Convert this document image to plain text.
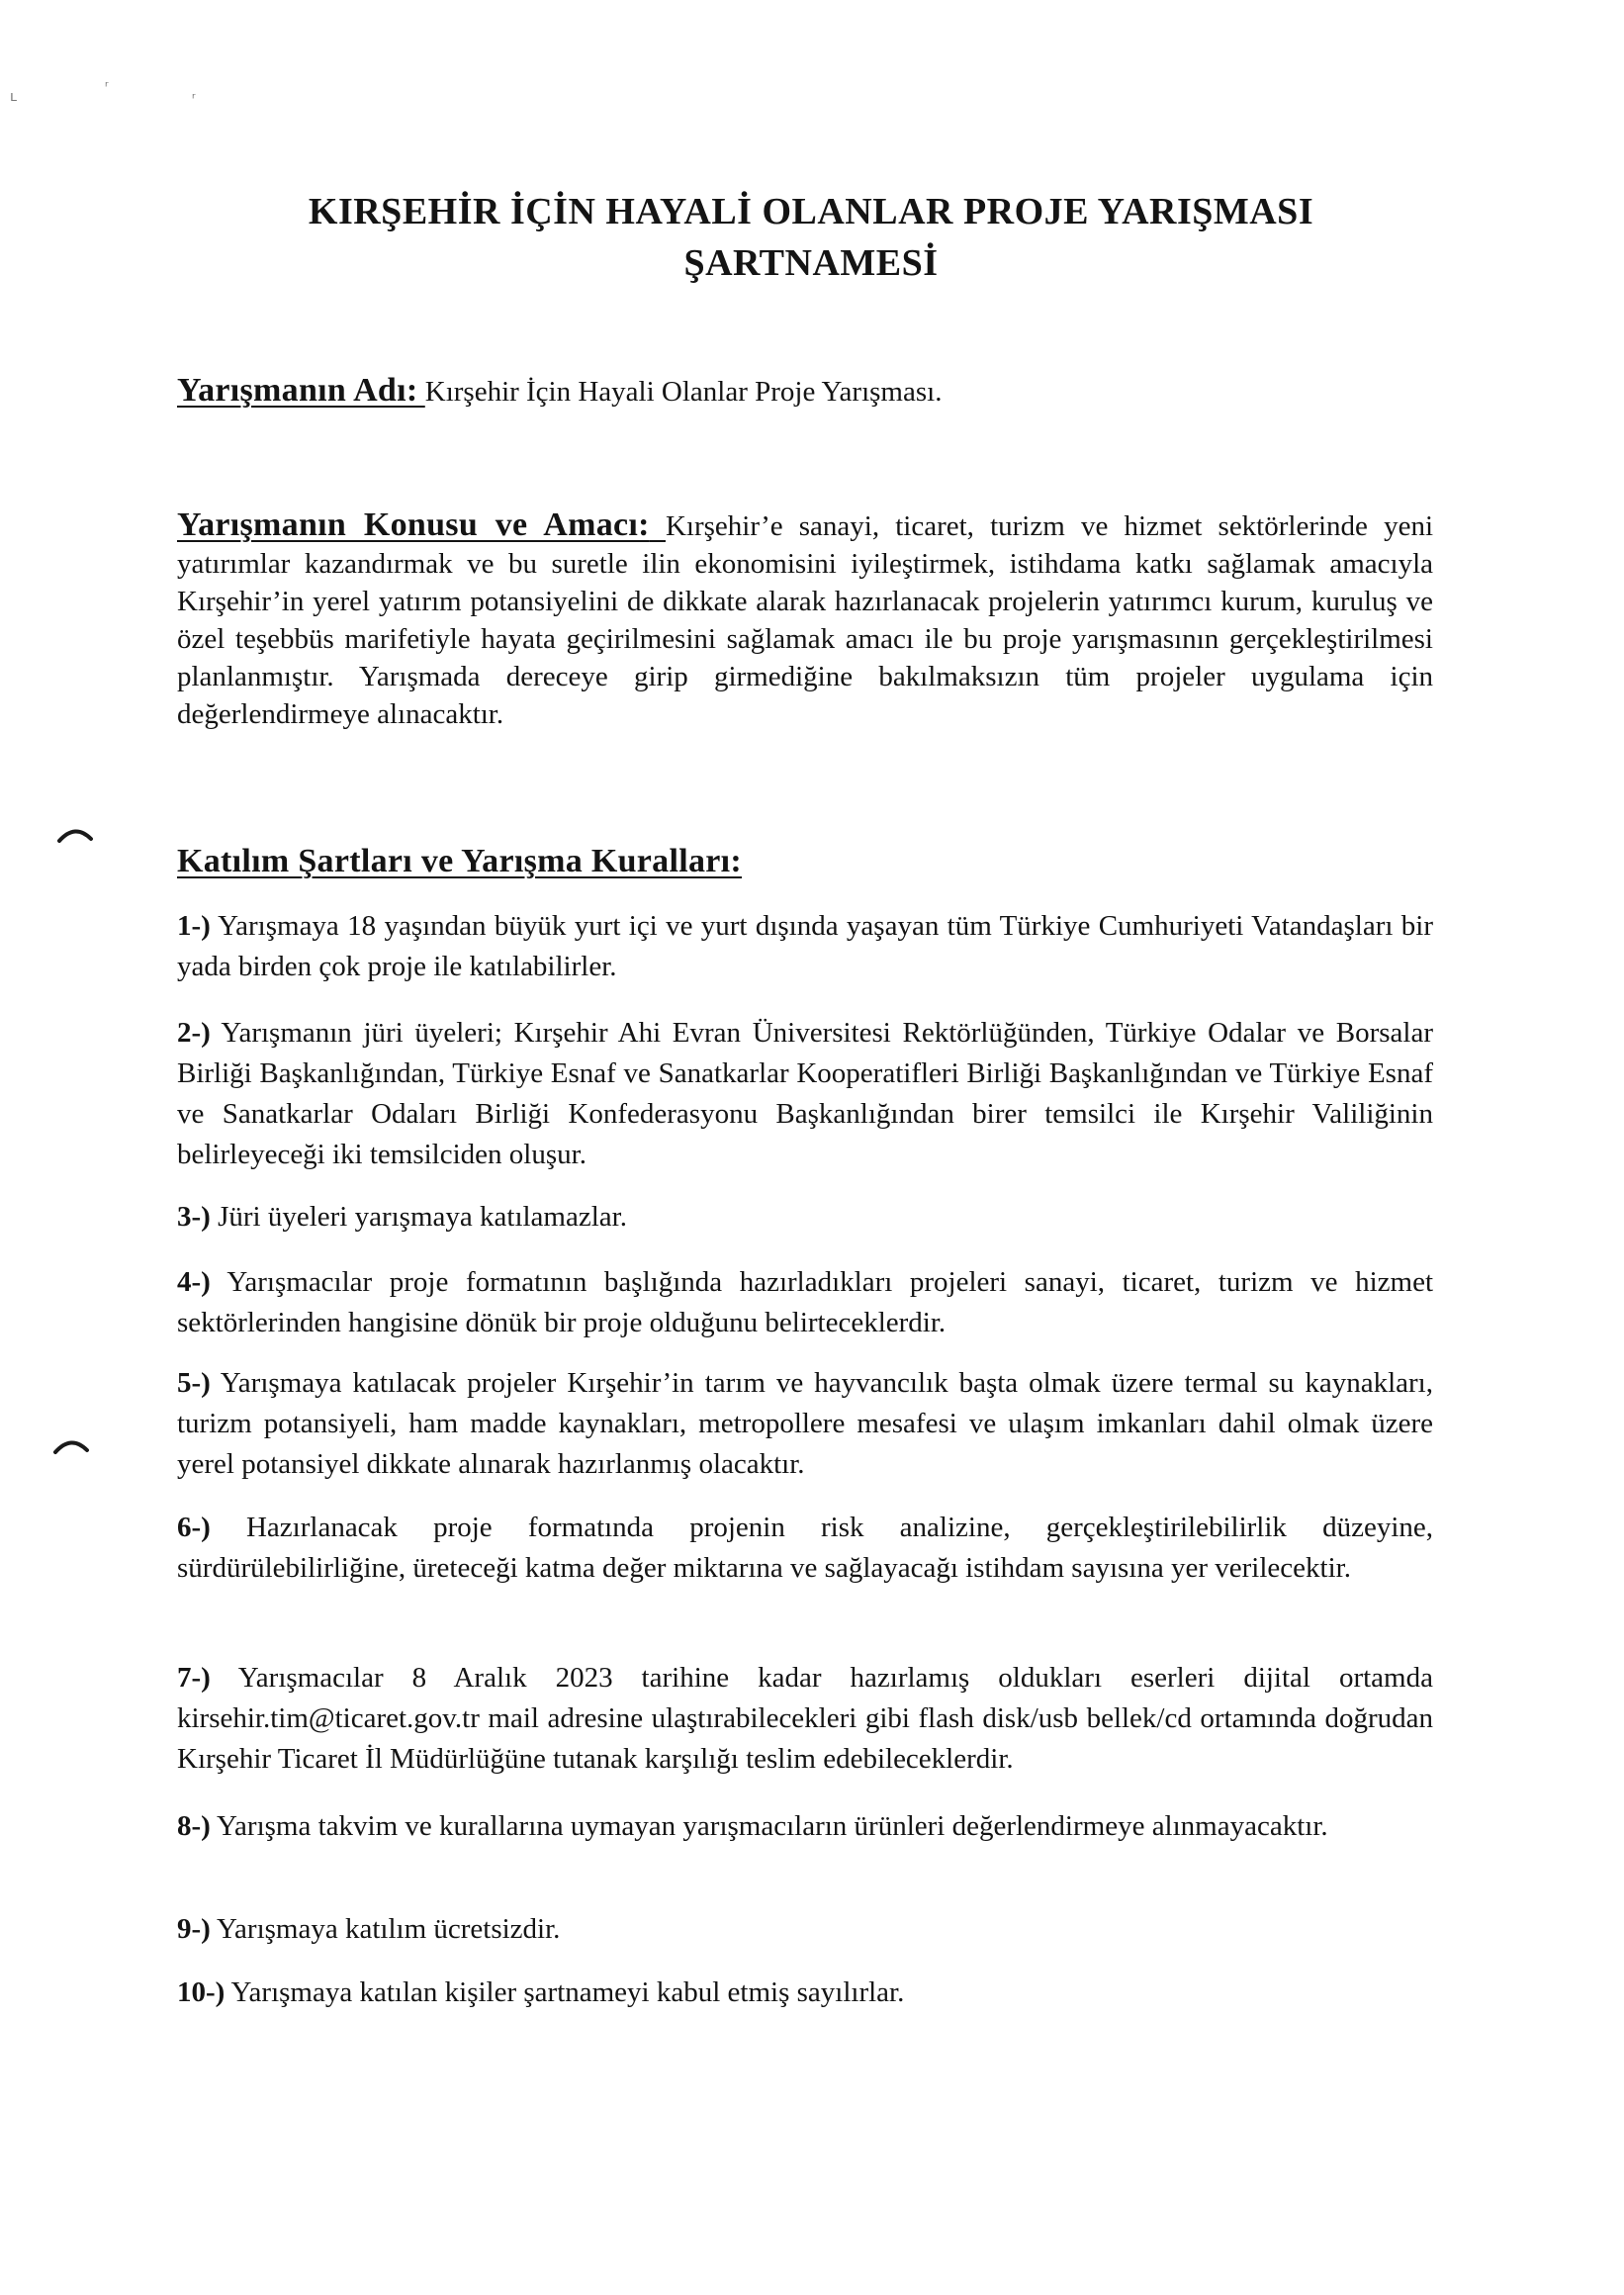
ʟ
ʳ
ʳ
KIRŞEHİR İÇİN HAYALİ OLANLAR PROJE YARIŞMASI
ŞARTNAMESİ
Yarışmanın Adı: Kırşehir İçin Hayali Olanlar Proje Yarışması.
Yarışmanın Konusu ve Amacı: Kırşehir’e sanayi, ticaret, turizm ve hizmet sektörlerinde yeni yatırımlar kazandırmak ve bu suretle ilin ekonomisini iyileştirmek, istihdama katkı sağlamak amacıyla Kırşehir’in yerel yatırım potansiyelini de dikkate alarak hazırlanacak projelerin yatırımcı kurum, kuruluş ve özel teşebbüs marifetiyle hayata geçirilmesini sağlamak amacı ile bu proje yarışmasının gerçekleştirilmesi planlanmıştır. Yarışmada dereceye girip girmediğine bakılmaksızın tüm projeler uygulama için değerlendirmeye alınacaktır.
Katılım Şartları ve Yarışma Kuralları:
1-) Yarışmaya 18 yaşından büyük yurt içi ve yurt dışında yaşayan tüm Türkiye Cumhuriyeti Vatandaşları bir yada birden çok proje ile katılabilirler.
2-) Yarışmanın jüri üyeleri; Kırşehir Ahi Evran Üniversitesi Rektörlüğünden, Türkiye Odalar ve Borsalar Birliği Başkanlığından, Türkiye Esnaf ve Sanatkarlar Kooperatifleri Birliği Başkanlığından ve Türkiye Esnaf ve Sanatkarlar Odaları Birliği Konfederasyonu Başkanlığından birer temsilci ile Kırşehir Valiliğinin belirleyeceği iki temsilciden oluşur.
3-) Jüri üyeleri yarışmaya katılamazlar.
4-) Yarışmacılar proje formatının başlığında hazırladıkları projeleri sanayi, ticaret, turizm ve hizmet sektörlerinden hangisine dönük bir proje olduğunu belirteceklerdir.
5-) Yarışmaya katılacak projeler Kırşehir’in tarım ve hayvancılık başta olmak üzere termal su kaynakları, turizm potansiyeli, ham madde kaynakları, metropollere mesafesi ve ulaşım imkanları dahil olmak üzere yerel potansiyel dikkate alınarak hazırlanmış olacaktır.
6-) Hazırlanacak proje formatında projenin risk analizine, gerçekleştirilebilirlik düzeyine, sürdürülebilirliğine, üreteceği katma değer miktarına ve sağlayacağı istihdam sayısına yer verilecektir.
7-) Yarışmacılar 8 Aralık 2023 tarihine kadar hazırlamış oldukları eserleri dijital ortamda kirsehir.tim@ticaret.gov.tr mail adresine ulaştırabilecekleri gibi flash disk/usb bellek/cd ortamında doğrudan Kırşehir Ticaret İl Müdürlüğüne tutanak karşılığı teslim edebileceklerdir.
8-) Yarışma takvim ve kurallarına uymayan yarışmacıların ürünleri değerlendirmeye alınmayacaktır.
9-) Yarışmaya katılım ücretsizdir.
10-) Yarışmaya katılan kişiler şartnameyi kabul etmiş sayılırlar.
